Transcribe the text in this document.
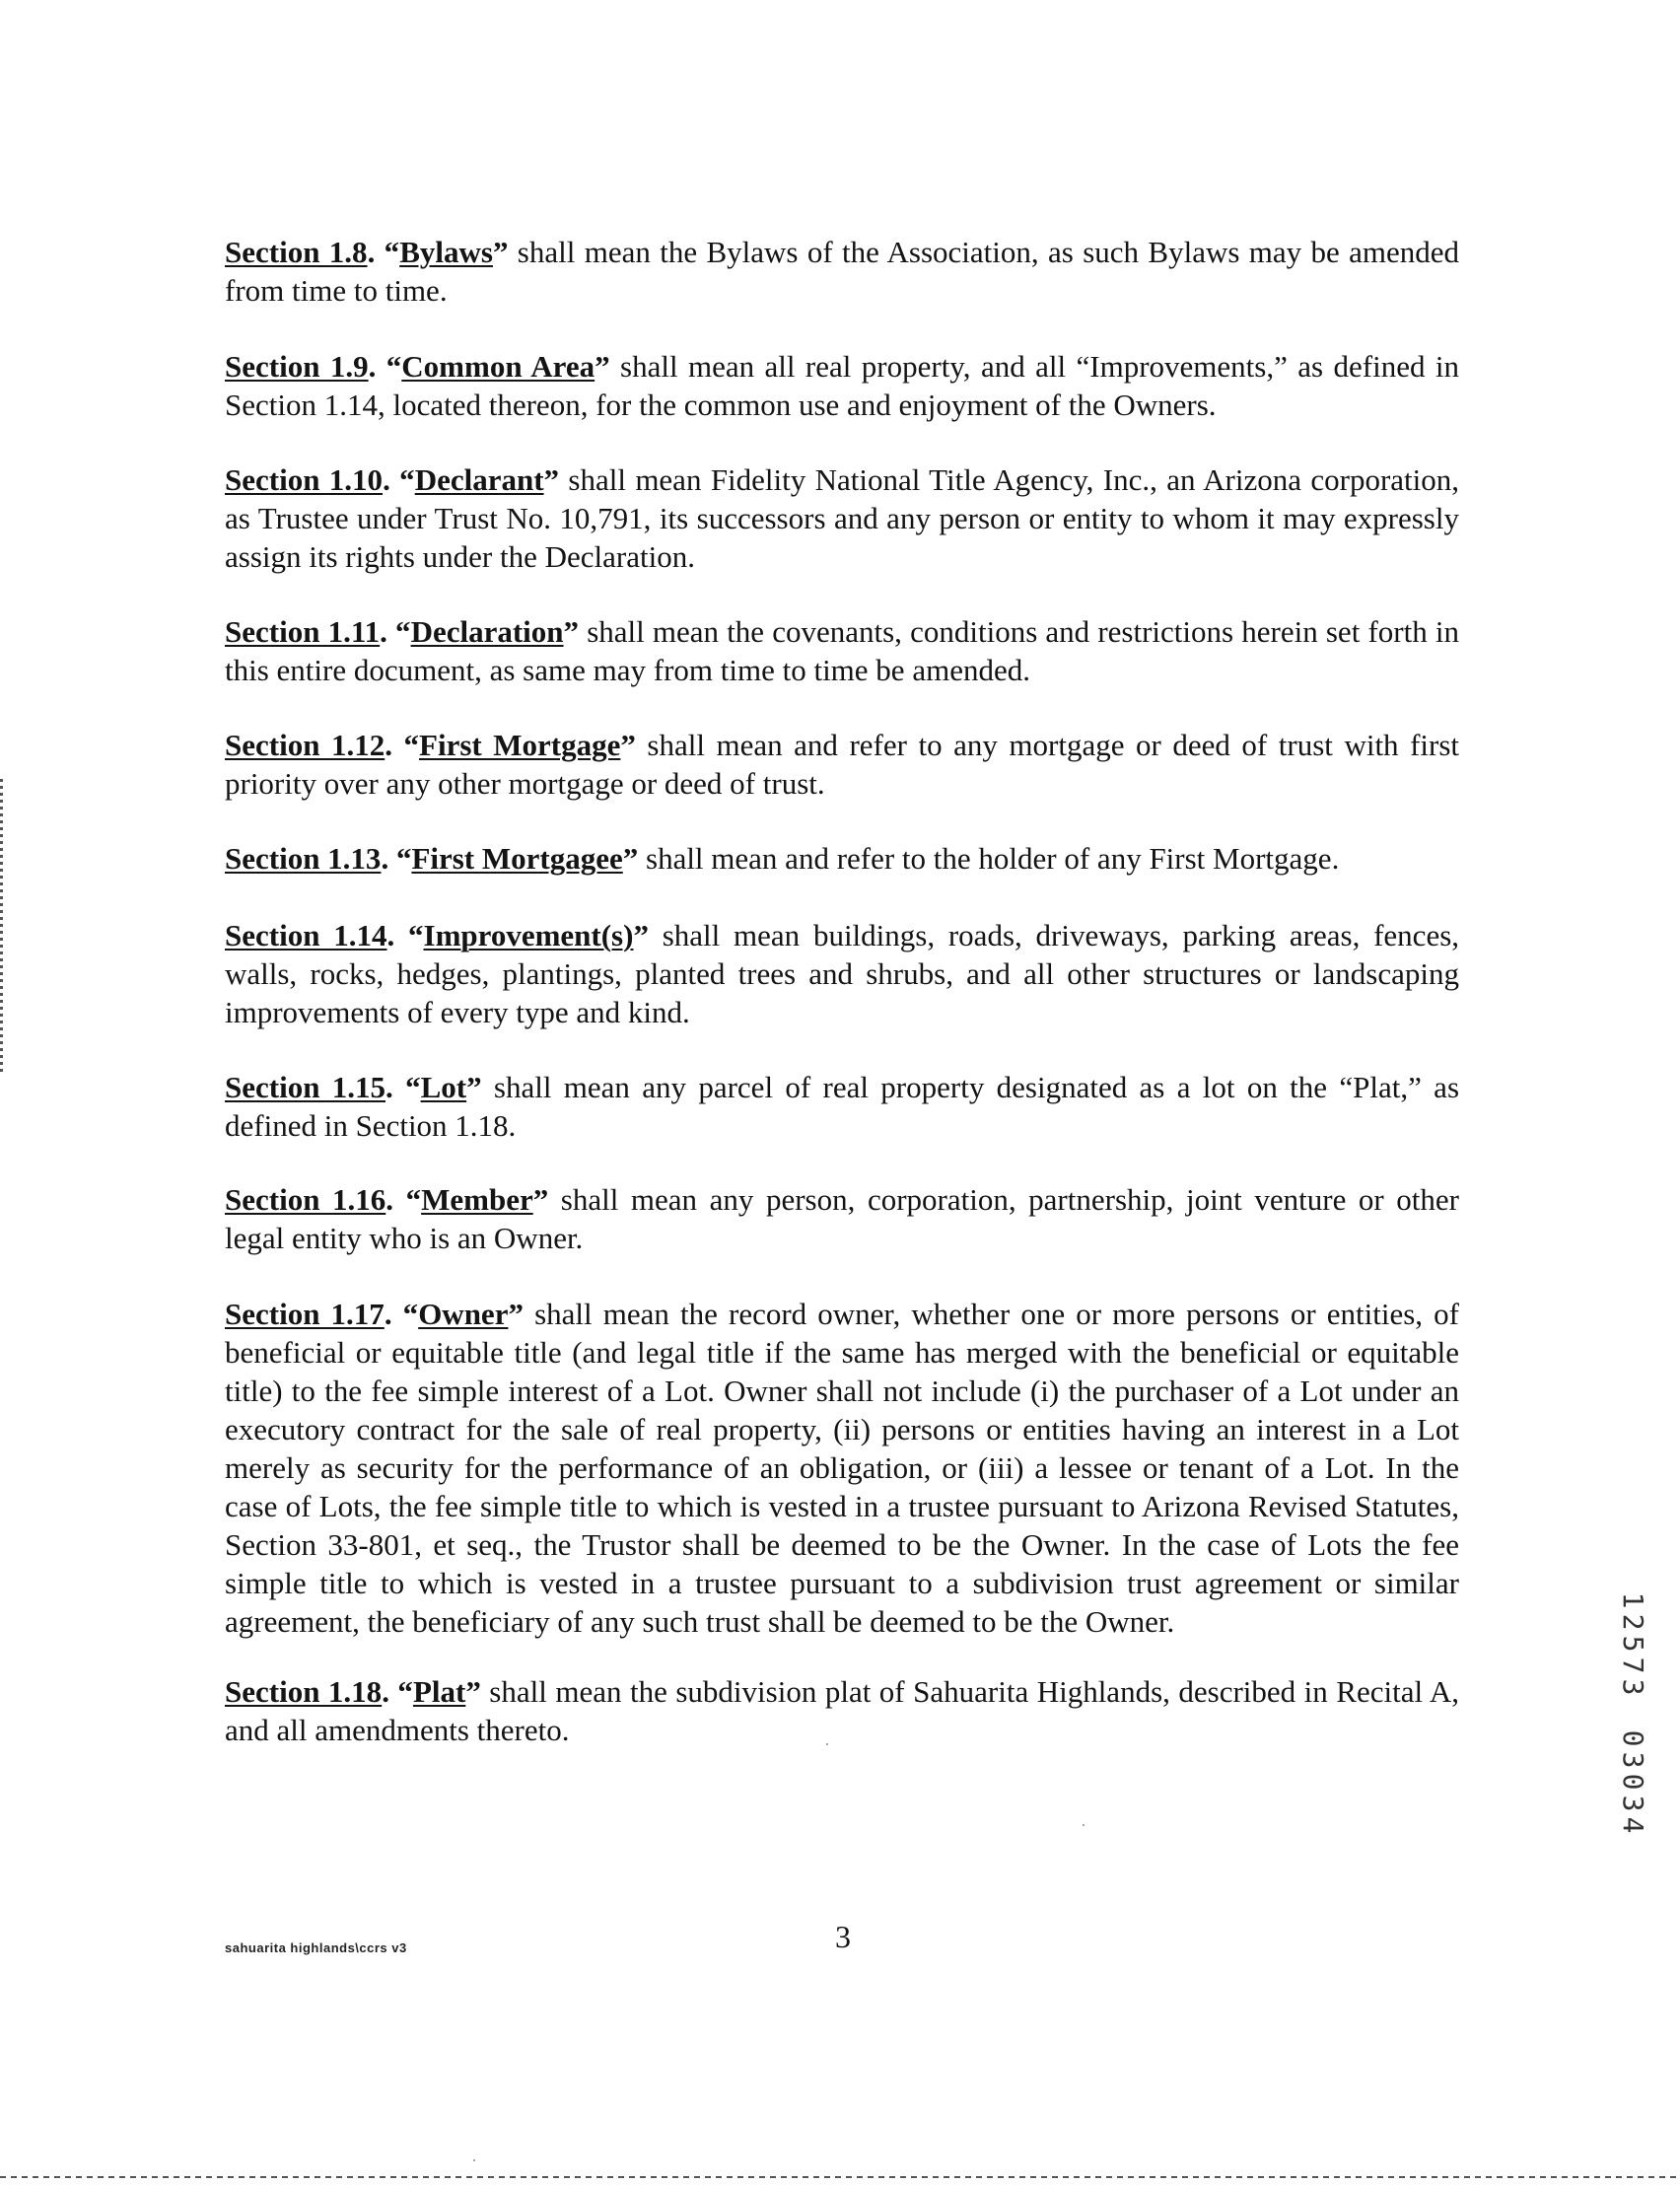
Section 1.8. “Bylaws” shall mean the Bylaws of the Association, as such Bylaws may be amended from time to time.
Section 1.9. “Common Area” shall mean all real property, and all “Improvements,” as defined in Section 1.14, located thereon, for the common use and enjoyment of the Owners.
Section 1.10. “Declarant” shall mean Fidelity National Title Agency, Inc., an Arizona corporation, as Trustee under Trust No. 10,791, its successors and any person or entity to whom it may expressly assign its rights under the Declaration.
Section 1.11. “Declaration” shall mean the covenants, conditions and restrictions herein set forth in this entire document, as same may from time to time be amended.
Section 1.12. “First Mortgage” shall mean and refer to any mortgage or deed of trust with first priority over any other mortgage or deed of trust.
Section 1.13. “First Mortgagee” shall mean and refer to the holder of any First Mortgage.
Section 1.14. “Improvement(s)” shall mean buildings, roads, driveways, parking areas, fences, walls, rocks, hedges, plantings, planted trees and shrubs, and all other structures or landscaping improvements of every type and kind.
Section 1.15. “Lot” shall mean any parcel of real property designated as a lot on the “Plat,” as defined in Section 1.18.
Section 1.16. “Member” shall mean any person, corporation, partnership, joint venture or other legal entity who is an Owner.
Section 1.17. “Owner” shall mean the record owner, whether one or more persons or entities, of beneficial or equitable title (and legal title if the same has merged with the beneficial or equitable title) to the fee simple interest of a Lot. Owner shall not include (i) the purchaser of a Lot under an executory contract for the sale of real property, (ii) persons or entities having an interest in a Lot merely as security for the performance of an obligation, or (iii) a lessee or tenant of a Lot. In the case of Lots, the fee simple title to which is vested in a trustee pursuant to Arizona Revised Statutes, Section 33-801, et seq., the Trustor shall be deemed to be the Owner. In the case of Lots the fee simple title to which is vested in a trustee pursuant to a subdivision trust agreement or similar agreement, the beneficiary of any such trust shall be deemed to be the Owner.
Section 1.18. “Plat” shall mean the subdivision plat of Sahuarita Highlands, described in Recital A, and all amendments thereto.
sahuarita highlands\ccrs v3	3
1
2
5
7
3
0
3
0
3
4
